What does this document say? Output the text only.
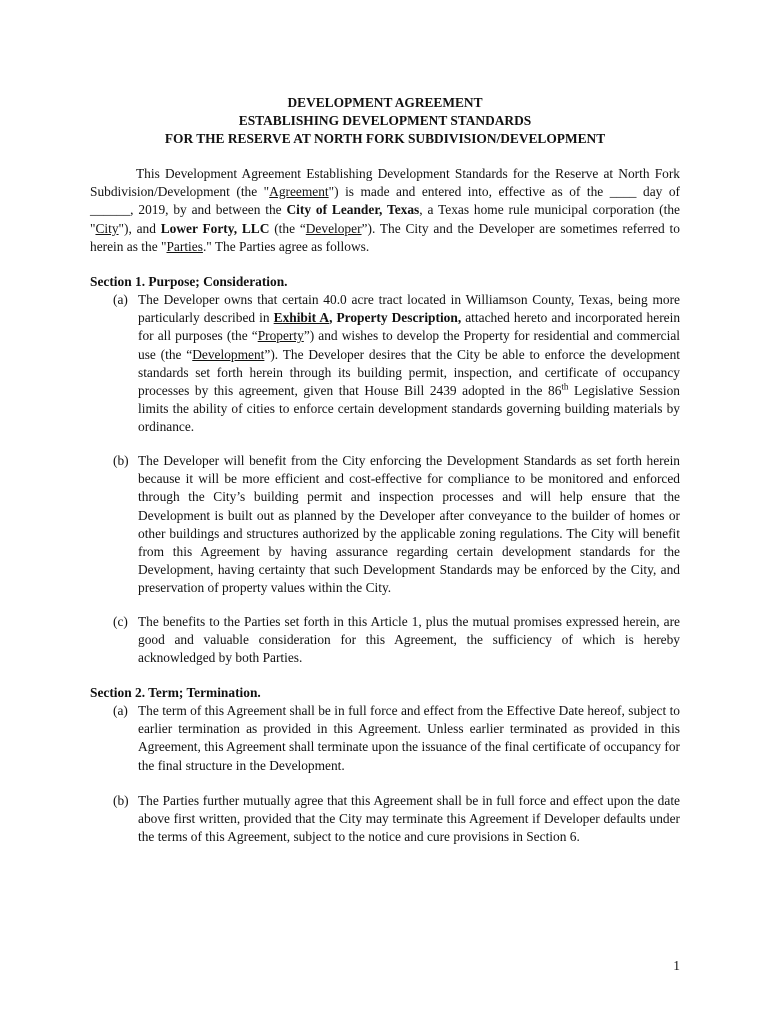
DEVELOPMENT AGREEMENT
ESTABLISHING DEVELOPMENT STANDARDS
FOR THE RESERVE AT NORTH FORK SUBDIVISION/DEVELOPMENT
This Development Agreement Establishing Development Standards for the Reserve at North Fork Subdivision/Development (the "Agreement") is made and entered into, effective as of the ____ day of ______, 2019, by and between the City of Leander, Texas, a Texas home rule municipal corporation (the "City"), and Lower Forty, LLC (the “Developer”). The City and the Developer are sometimes referred to herein as the "Parties." The Parties agree as follows.
Section 1. Purpose; Consideration.
(a) The Developer owns that certain 40.0 acre tract located in Williamson County, Texas, being more particularly described in Exhibit A, Property Description, attached hereto and incorporated herein for all purposes (the “Property”) and wishes to develop the Property for residential and commercial use (the “Development”). The Developer desires that the City be able to enforce the development standards set forth herein through its building permit, inspection, and certificate of occupancy processes by this agreement, given that House Bill 2439 adopted in the 86th Legislative Session limits the ability of cities to enforce certain development standards governing building materials by ordinance.
(b) The Developer will benefit from the City enforcing the Development Standards as set forth herein because it will be more efficient and cost-effective for compliance to be monitored and enforced through the City’s building permit and inspection processes and will help ensure that the Development is built out as planned by the Developer after conveyance to the builder of homes or other buildings and structures authorized by the applicable zoning regulations. The City will benefit from this Agreement by having assurance regarding certain development standards for the Development, having certainty that such Development Standards may be enforced by the City, and preservation of property values within the City.
(c) The benefits to the Parties set forth in this Article 1, plus the mutual promises expressed herein, are good and valuable consideration for this Agreement, the sufficiency of which is hereby acknowledged by both Parties.
Section 2. Term; Termination.
(a) The term of this Agreement shall be in full force and effect from the Effective Date hereof, subject to earlier termination as provided in this Agreement. Unless earlier terminated as provided in this Agreement, this Agreement shall terminate upon the issuance of the final certificate of occupancy for the final structure in the Development.
(b) The Parties further mutually agree that this Agreement shall be in full force and effect upon the date above first written, provided that the City may terminate this Agreement if Developer defaults under the terms of this Agreement, subject to the notice and cure provisions in Section 6.
1
